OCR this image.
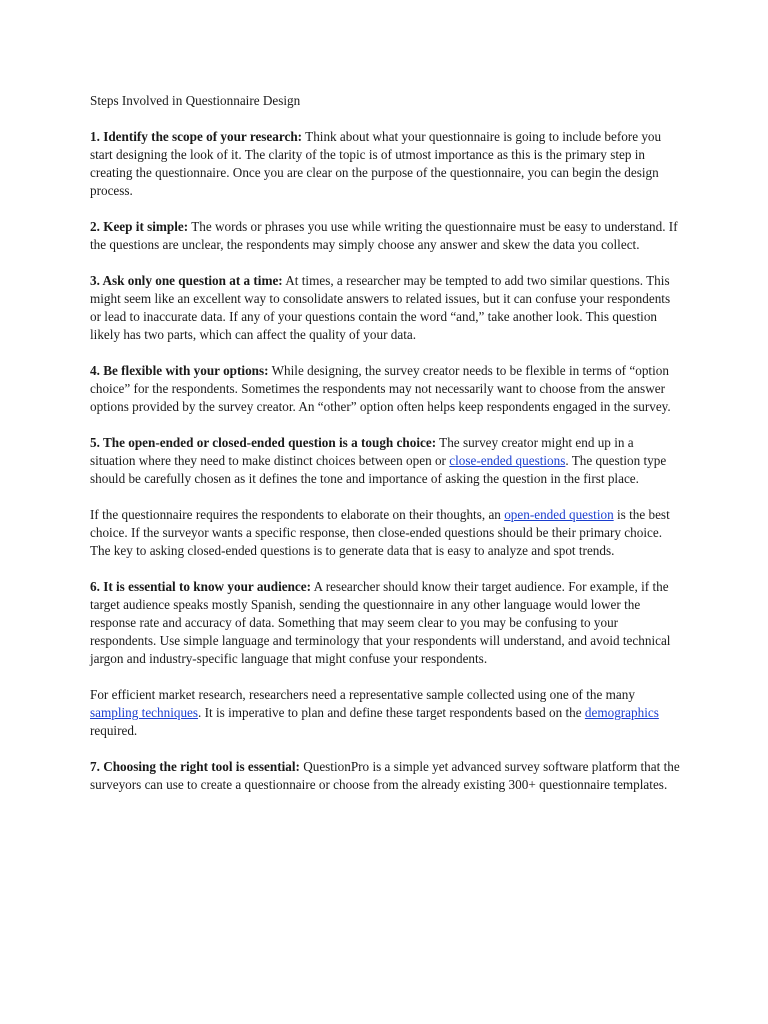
Steps Involved in Questionnaire Design

1. Identify the scope of your research: Think about what your questionnaire is going to include before you start designing the look of it. The clarity of the topic is of utmost importance as this is the primary step in creating the questionnaire. Once you are clear on the purpose of the questionnaire, you can begin the design process.

2. Keep it simple: The words or phrases you use while writing the questionnaire must be easy to understand. If the questions are unclear, the respondents may simply choose any answer and skew the data you collect.

3. Ask only one question at a time: At times, a researcher may be tempted to add two similar questions. This might seem like an excellent way to consolidate answers to related issues, but it can confuse your respondents or lead to inaccurate data. If any of your questions contain the word “and,” take another look. This question likely has two parts, which can affect the quality of your data.

4. Be flexible with your options: While designing, the survey creator needs to be flexible in terms of “option choice” for the respondents. Sometimes the respondents may not necessarily want to choose from the answer options provided by the survey creator. An “other” option often helps keep respondents engaged in the survey.

5. The open-ended or closed-ended question is a tough choice: The survey creator might end up in a situation where they need to make distinct choices between open or close-ended questions. The question type should be carefully chosen as it defines the tone and importance of asking the question in the first place.

If the questionnaire requires the respondents to elaborate on their thoughts, an open-ended question is the best choice. If the surveyor wants a specific response, then close-ended questions should be their primary choice. The key to asking closed-ended questions is to generate data that is easy to analyze and spot trends.

6. It is essential to know your audience: A researcher should know their target audience. For example, if the target audience speaks mostly Spanish, sending the questionnaire in any other language would lower the response rate and accuracy of data. Something that may seem clear to you may be confusing to your respondents. Use simple language and terminology that your respondents will understand, and avoid technical jargon and industry-specific language that might confuse your respondents.

For efficient market research, researchers need a representative sample collected using one of the many sampling techniques. It is imperative to plan and define these target respondents based on the demographics required.

7. Choosing the right tool is essential: QuestionPro is a simple yet advanced survey software platform that the surveyors can use to create a questionnaire or choose from the already existing 300+ questionnaire templates.
